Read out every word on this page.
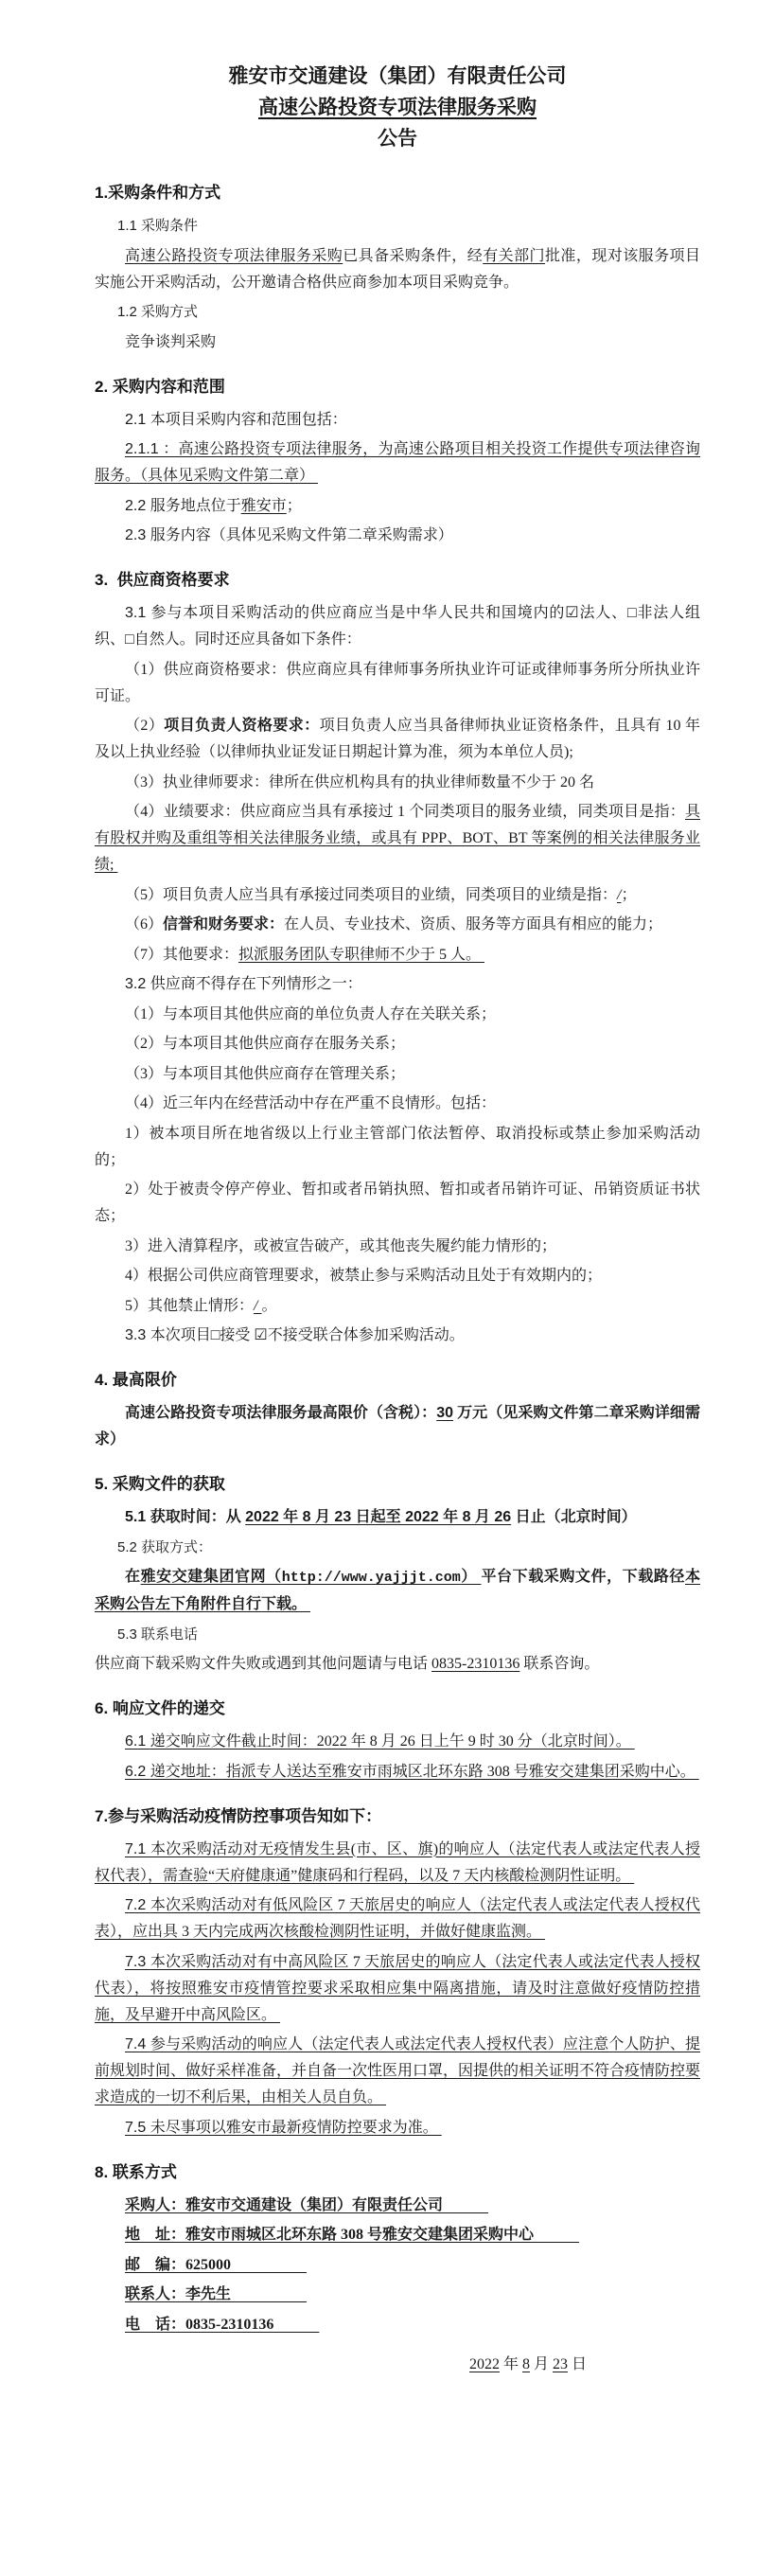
雅安市交通建设（集团）有限责任公司
高速公路投资专项法律服务采购
公告
1.采购条件和方式
1.1 采购条件
高速公路投资专项法律服务采购已具备采购条件，经有关部门批准，现对该服务项目实施公开采购活动，公开邀请合格供应商参加本项目采购竞争。
1.2 采购方式
竞争谈判采购
2. 采购内容和范围
2.1 本项目采购内容和范围包括：
2.1.1 ：高速公路投资专项法律服务，为高速公路项目相关投资工作提供专项法律咨询服务。（具体见采购文件第二章）
2.2 服务地点位于雅安市；
2.3 服务内容（具体见采购文件第二章采购需求）
3.  供应商资格要求
3.1 参与本项目采购活动的供应商应当是中华人民共和国境内的☑法人、□非法人组织、□自然人。同时还应具备如下条件：
（1）供应商资格要求：供应商应具有律师事务所执业许可证或律师事务所分所执业许可证。
（2）项目负责人资格要求：项目负责人应当具备律师执业证资格条件，且具有 10 年及以上执业经验（以律师执业证发证日期起计算为准，须为本单位人员);
（3）执业律师要求：律所在供应机构具有的执业律师数量不少于 20 名
（4）业绩要求：供应商应当具有承接过 1 个同类项目的服务业绩，同类项目是指：具有股权并购及重组等相关法律服务业绩，或具有 PPP、BOT、BT 等案例的相关法律服务业绩;
（5）项目负责人应当具有承接过同类项目的业绩，同类项目的业绩是指：/；
（6）信誉和财务要求：在人员、专业技术、资质、服务等方面具有相应的能力；
（7）其他要求：拟派服务团队专职律师不少于 5 人。
3.2 供应商不得存在下列情形之一：
（1）与本项目其他供应商的单位负责人存在关联关系；
（2）与本项目其他供应商存在服务关系；
（3）与本项目其他供应商存在管理关系；
（4）近三年内在经营活动中存在严重不良情形。包括：
1）被本项目所在地省级以上行业主管部门依法暂停、取消投标或禁止参加采购活动的；
2）处于被责令停产停业、暂扣或者吊销执照、暂扣或者吊销许可证、吊销资质证书状态；
3）进入清算程序，或被宣告破产，或其他丧失履约能力情形的；
4）根据公司供应商管理要求，被禁止参与采购活动且处于有效期内的；
5）其他禁止情形：/ 。
3.3 本次项目□接受 ☑不接受联合体参加采购活动。
4. 最高限价
高速公路投资专项法律服务最高限价（含税）：30 万元（见采购文件第二章采购详细需求）
5. 采购文件的获取
5.1 获取时间：从 2022 年 8 月 23 日起至 2022 年 8 月 26 日止（北京时间）
5.2 获取方式：
在雅安交建集团官网（http://www.yajjjt.com） 平台下载采购文件，下载路径本采购公告左下角附件自行下载。
5.3 联系电话
供应商下载采购文件失败或遇到其他问题请与电话 0835-2310136 联系咨询。
6. 响应文件的递交
6.1 递交响应文件截止时间：2022 年 8 月 26 日上午 9 时 30 分（北京时间）。
6.2 递交地址：指派专人送达至雅安市雨城区北环东路 308 号雅安交建集团采购中心。
7.参与采购活动疫情防控事项告知如下：
7.1 本次采购活动对无疫情发生县(市、区、旗)的响应人（法定代表人或法定代表人授权代表），需查验“天府健康通”健康码和行程码，以及 7 天内核酸检测阴性证明。
7.2 本次采购活动对有低风险区 7 天旅居史的响应人（法定代表人或法定代表人授权代表），应出具 3 天内完成两次核酸检测阴性证明，并做好健康监测。
7.3 本次采购活动对有中高风险区 7 天旅居史的响应人（法定代表人或法定代表人授权代表），将按照雅安市疫情管控要求采取相应集中隔离措施，请及时注意做好疫情防控措施，及早避开中高风险区。
7.4 参与采购活动的响应人（法定代表人或法定代表人授权代表）应注意个人防护、提前规划时间、做好采样准备，并自备一次性医用口罩，因提供的相关证明不符合疫情防控要求造成的一切不利后果，由相关人员自负。
7.5 未尽事项以雅安市最新疫情防控要求为准。
8. 联系方式
采购人：雅安市交通建设（集团）有限责任公司　　　
地　址：雅安市雨城区北环东路 308 号雅安交建集团采购中心　　　
邮　编：625000　　　　　
联系人：李先生　　　　　
电　话：0835-2310136　　　
2022 年 8 月 23 日
